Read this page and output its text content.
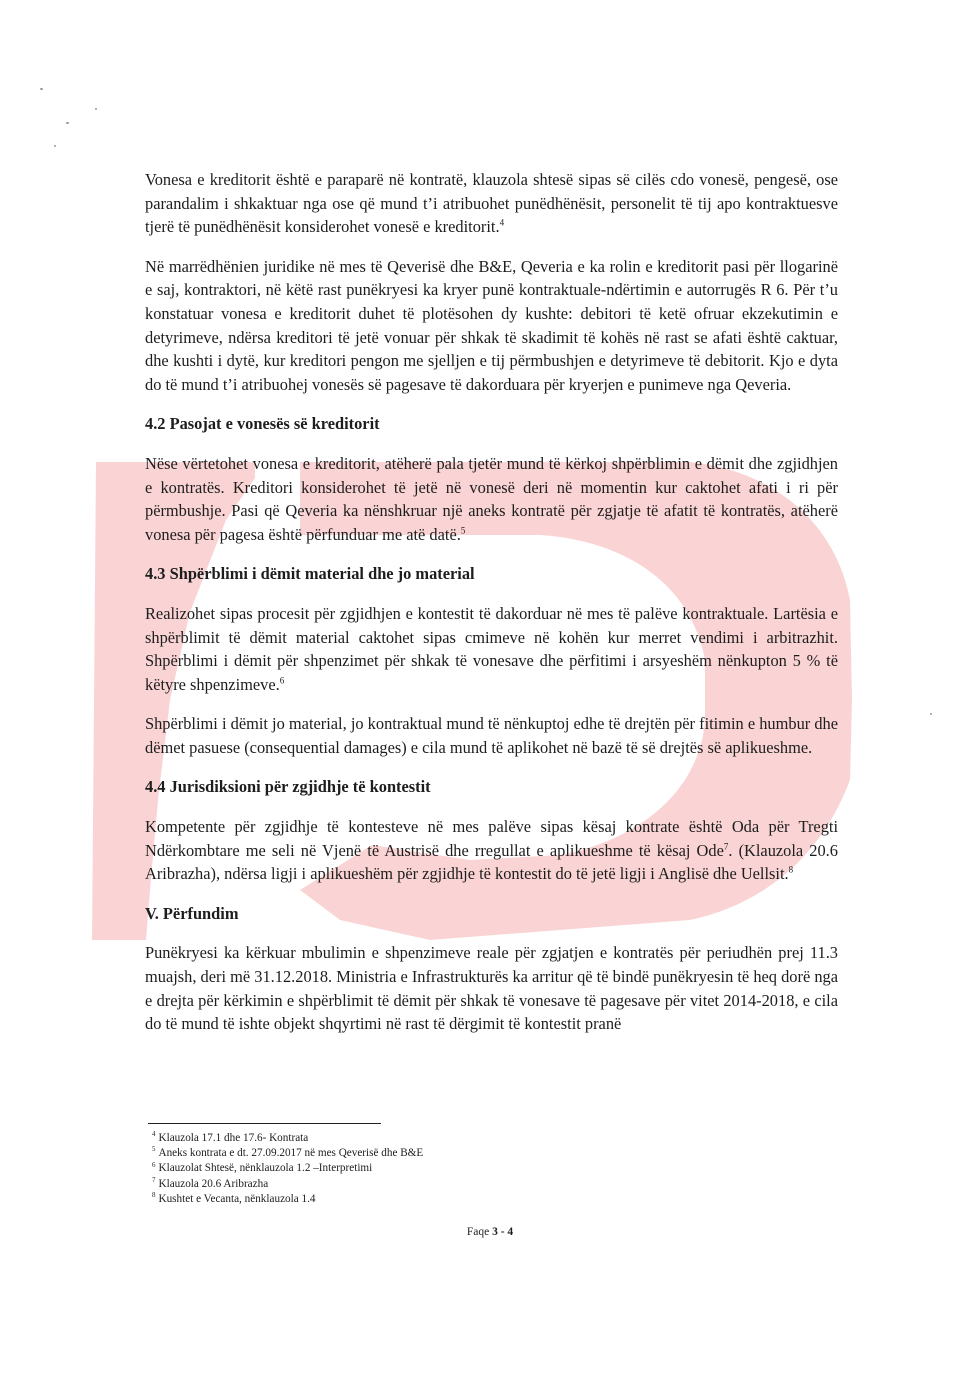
Vonesa e kreditorit është e paraparë në kontratë, klauzola shtesë sipas së cilës cdo vonesë, pengesë, ose parandalim i shkaktuar nga ose që mund t’i atribuohet punëdhënësit, personelit të tij apo kontraktuesve tjerë të punëdhënësit konsiderohet vonesë e kreditorit.$^4$

Në marrëdhënien juridike në mes të Qeverisë dhe B&E, Qeveria e ka rolin e kreditorit pasi për llogarinë e saj, kontraktori, në këtë rast punëkryesi ka kryer punë kontraktuale-ndërtimin e autorrugës R 6. Për t’u konstatuar vonesa e kreditorit duhet të plotësohen dy kushte: debitori të ketë ofruar ekzekutimin e detyrimeve, ndërsa kreditori të jetë vonuar për shkak të skadimit të kohës në rast se afati është caktuar, dhe kushti i dytë, kur kreditori pengon me sjelljen e tij përmbushjen e detyrimeve të debitorit. Kjo e dyta do të mund t’i atribuohej vonesës së pagesave të dakorduara për kryerjen e punimeve nga Qeveria.

4.2 Pasojat e vonesës së kreditorit

Nëse vërtetohet vonesa e kreditorit, atëherë pala tjetër mund të kërkoj shpërblimin e dëmit dhe zgjidhjen e kontratës. Kreditori konsiderohet të jetë në vonesë deri në momentin kur caktohet afati i ri për përmbushje. Pasi që Qeveria ka nënshkruar një aneks kontratë për zgjatje të afatit të kontratës, atëherë vonesa për pagesa është përfunduar me atë datë.$^5$

4.3 Shpërblimi i dëmit material dhe jo material

Realizohet sipas procesit për zgjidhjen e kontestit të dakorduar në mes të palëve kontraktuale. Lartësia e shpërblimit të dëmit material caktohet sipas cmimeve në kohën kur merret vendimi i arbitrazhit. Shpërblimi i dëmit për shpenzimet për shkak të vonesave dhe përfitimi i arsyeshëm nënkupton 5 % të këtyre shpenzimeve.$^6$

Shpërblimi i dëmit jo material, jo kontraktual mund të nënkuptoj edhe të drejtën për fitimin e humbur dhe dëmet pasuese (consequential damages) e cila mund të aplikohet në bazë të së drejtës së aplikueshme.

4.4 Jurisdiksioni për zgjidhje të kontestit

Kompetente për zgjidhje të kontesteve në mes palëve sipas kësaj kontrate është Oda për Tregti Ndërkombtare me seli në Vjenë të Austrisë dhe rregullat e aplikueshme të kësaj Ode$^7$. (Klauzola 20.6 Aribrazha), ndërsa ligji i aplikueshëm për zgjidhje të kontestit do të jetë ligji i Anglisë dhe Uellsit.$^8$

V. Përfundim

Punëkryesi ka kërkuar mbulimin e shpenzimeve reale për zgjatjen e kontratës për periudhën prej 11.3 muajsh, deri më 31.12.2018. Ministria e Infrastrukturës ka arritur që të bindë punëkryesin të heq dorë nga e drejta për kërkimin e shpërblimit të dëmit për shkak të vonesave të pagesave për vitet 2014-2018, e cila do të mund të ishte objekt shqyrtimi në rast të dërgimit të kontestit pranë

$^4$ Klauzola 17.1 dhe 17.6- Kontrata
$^5$ Aneks kontrata e dt. 27.09.2017 në mes Qeverisë dhe B&E
$^6$ Klauzolat Shtesë, nënklauzola 1.2 –Interpretimi
$^7$ Klauzola 20.6 Aribrazha
$^8$ Kushtet e Vecanta, nënklauzola 1.4
Faqe 3 - 4
